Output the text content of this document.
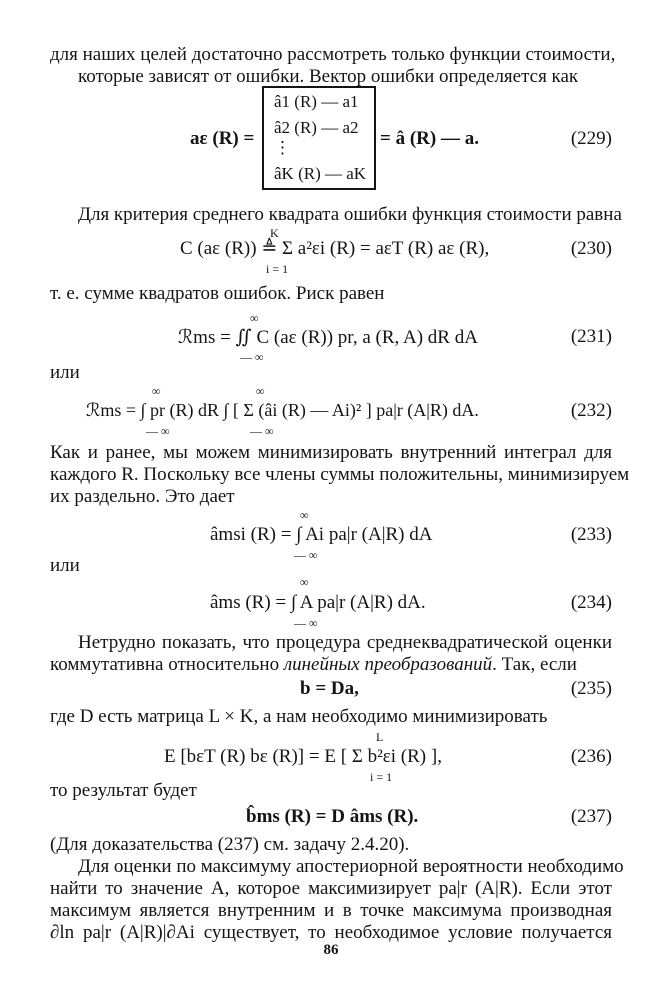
для наших целей достаточно рассмотреть только функции стоимости,
которые зависят от ошибки. Вектор ошибки определяется как
aε (R) =
â1 (R) — a1
â2 (R) — a2
⋮
âK (R) — aK
= â (R) — a.	(229)
Для критерия среднего квадрата ошибки функция стоимости равна
C (aε (R)) ≜ Σ a²εi (R) = aεT (R) aε (R),
K
i = 1
(230)
т. е. сумме квадратов ошибок. Риск равен
∞
ℛms = ∬ C (aε (R)) pr, a (R, A) dR dA
— ∞
(231)
или
∞	∞
ℛms = ∫ pr (R) dR ∫ [ Σ (âi (R) — Ai)² ] pa|r (A|R) dA.
— ∞	— ∞
(232)
Как и ранее, мы можем минимизировать внутренний интеграл для
каждого R. Поскольку все члены суммы положительны, минимизируем
их раздельно. Это дает
∞
âmsi (R) = ∫ Ai pa|r (A|R) dA
— ∞
(233)
или
∞
âms (R) = ∫ A pa|r (A|R) dA.
— ∞
(234)
Нетрудно показать, что процедура среднеквадратической оценки
коммутативна относительно линейных преобразований. Так, если
b = Da,	(235)
где D есть матрица L × K, а нам необходимо минимизировать
L
E [bεT (R) bε (R)] = E [ Σ b²εi (R) ],
i = 1
(236)
то результат будет
b̂ms (R) = D âms (R).	(237)
(Для доказательства (237) см. задачу 2.4.20).
Для оценки по максимуму апостериорной вероятности необходимо
найти то значение A, которое максимизирует pa|r (A|R). Если этот
максимум является внутренним и в точке максимума производная
∂ln pa|r (A|R)|∂Ai существует, то необходимое условие получается
86
